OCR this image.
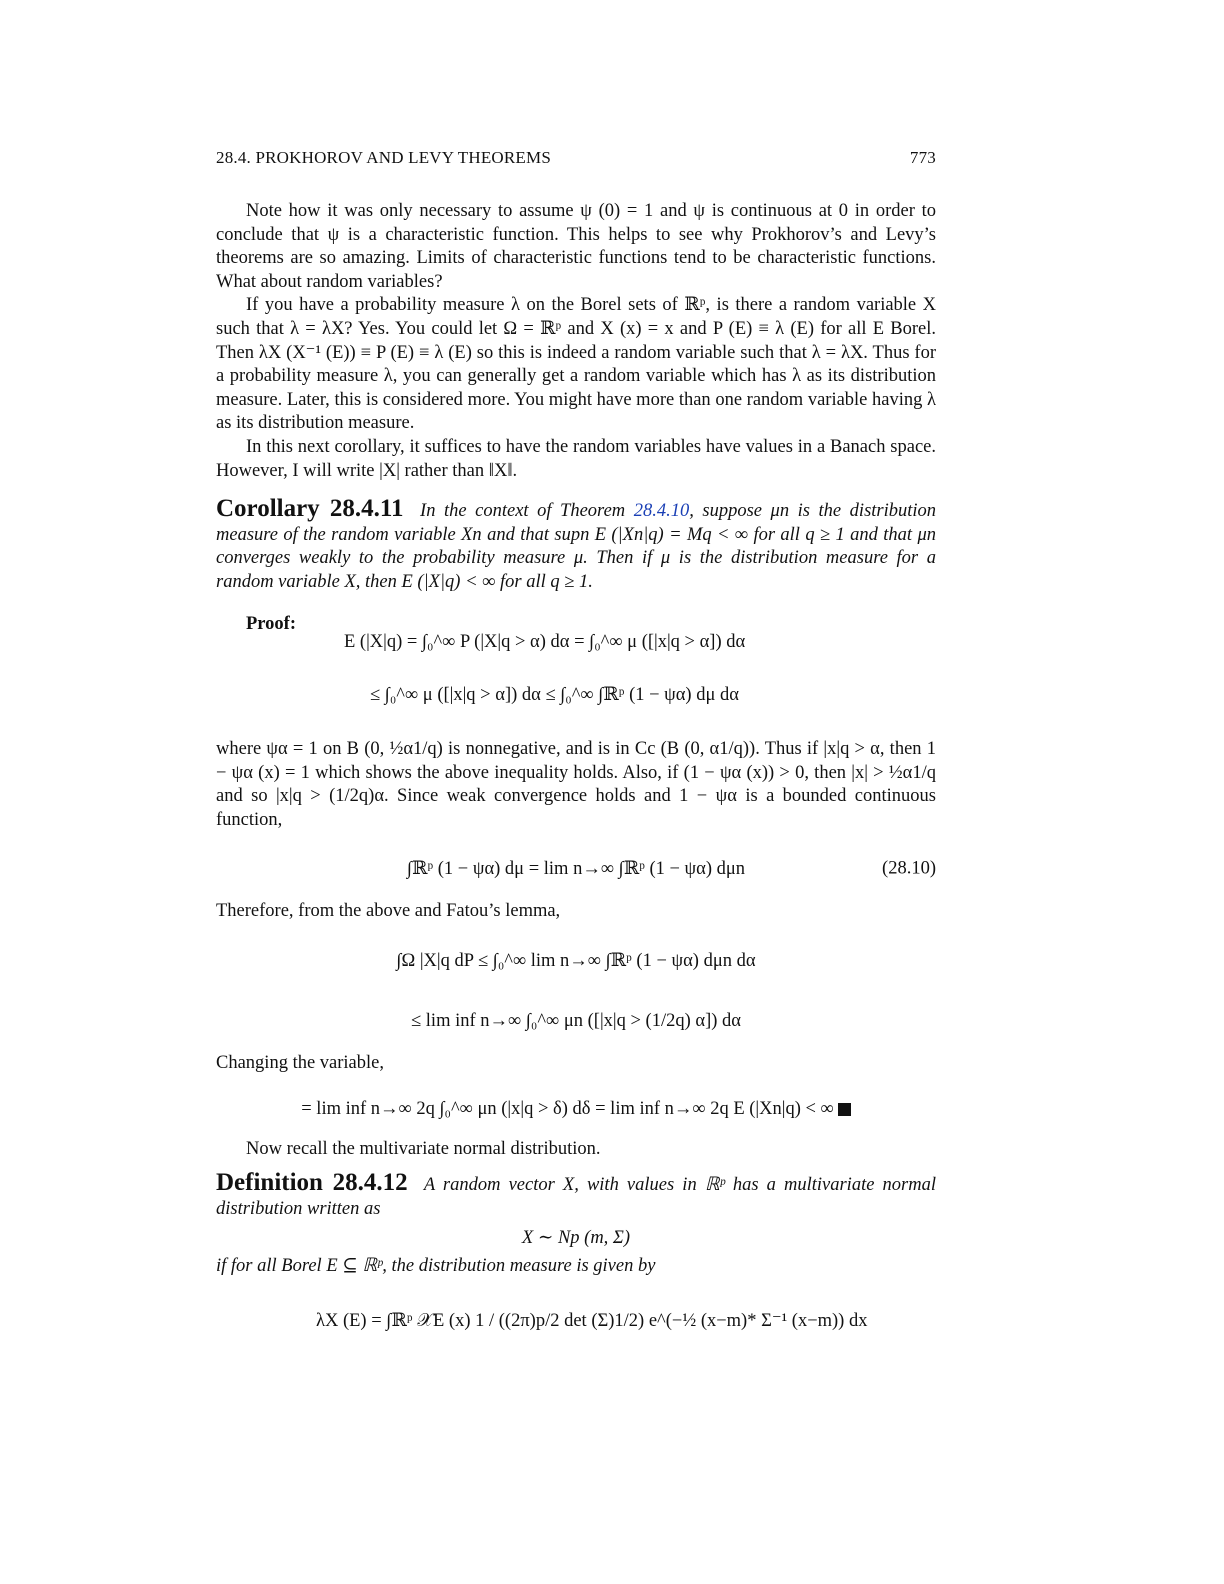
28.4. PROKHOROV AND LEVY THEOREMS	773

Note how it was only necessary to assume ψ (0) = 1 and ψ is continuous at 0 in order to conclude that ψ is a characteristic function. This helps to see why Prokhorov’s and Levy’s theorems are so amazing. Limits of characteristic functions tend to be characteristic functions. What about random variables?

If you have a probability measure λ on the Borel sets of ℝᵖ, is there a random variable X such that λ = λX? Yes. You could let Ω = ℝᵖ and X (x) = x and P (E) ≡ λ (E) for all E Borel. Then λX (X⁻¹ (E)) ≡ P (E) ≡ λ (E) so this is indeed a random variable such that λ = λX. Thus for a probability measure λ, you can generally get a random variable which has λ as its distribution measure. Later, this is considered more. You might have more than one random variable having λ as its distribution measure.

In this next corollary, it suffices to have the random variables have values in a Banach space. However, I will write |X| rather than ‖X‖.

Corollary 28.4.11 In the context of Theorem 28.4.10, suppose μn is the distribution measure of the random variable Xn and that supn E (|Xn|q) = Mq < ∞ for all q ≥ 1 and that μn converges weakly to the probability measure μ. Then if μ is the distribution measure for a random variable X, then E (|X|q) < ∞ for all q ≥ 1.

Proof:

E (|X|q) = ∫₀^∞ P (|X|q > α) dα = ∫₀^∞ μ ([|x|q > α]) dα
≤ ∫₀^∞ μ ([|x|q > α]) dα ≤ ∫₀^∞ ∫ℝᵖ (1 − ψα) dμ dα

where ψα = 1 on B (0, ½α1/q) is nonnegative, and is in Cc (B (0, α1/q)). Thus if |x|q > α, then 1 − ψα (x) = 1 which shows the above inequality holds. Also, if (1 − ψα (x)) > 0, then |x| > ½α1/q and so |x|q > (1/2q)α. Since weak convergence holds and 1 − ψα is a bounded continuous function,

∫ℝᵖ (1 − ψα) dμ = lim n→∞ ∫ℝᵖ (1 − ψα) dμn	(28.10)

Therefore, from the above and Fatou’s lemma,

∫Ω |X|q dP ≤ ∫₀^∞ lim n→∞ ∫ℝᵖ (1 − ψα) dμn dα
≤ lim inf n→∞ ∫₀^∞ μn ([|x|q > (1/2q) α]) dα

Changing the variable,

= lim inf n→∞ 2q ∫₀^∞ μn (|x|q > δ) dδ = lim inf n→∞ 2q E (|Xn|q) < ∞

Now recall the multivariate normal distribution.

Definition 28.4.12 A random vector X, with values in ℝᵖ has a multivariate normal distribution written as
X ∼ Np (m, Σ)

if for all Borel E ⊆ ℝᵖ, the distribution measure is given by

λX (E) = ∫ℝᵖ 𝒳E (x) 1 / ((2π)p/2 det (Σ)1/2) e^(−½ (x−m)* Σ⁻¹ (x−m)) dx
